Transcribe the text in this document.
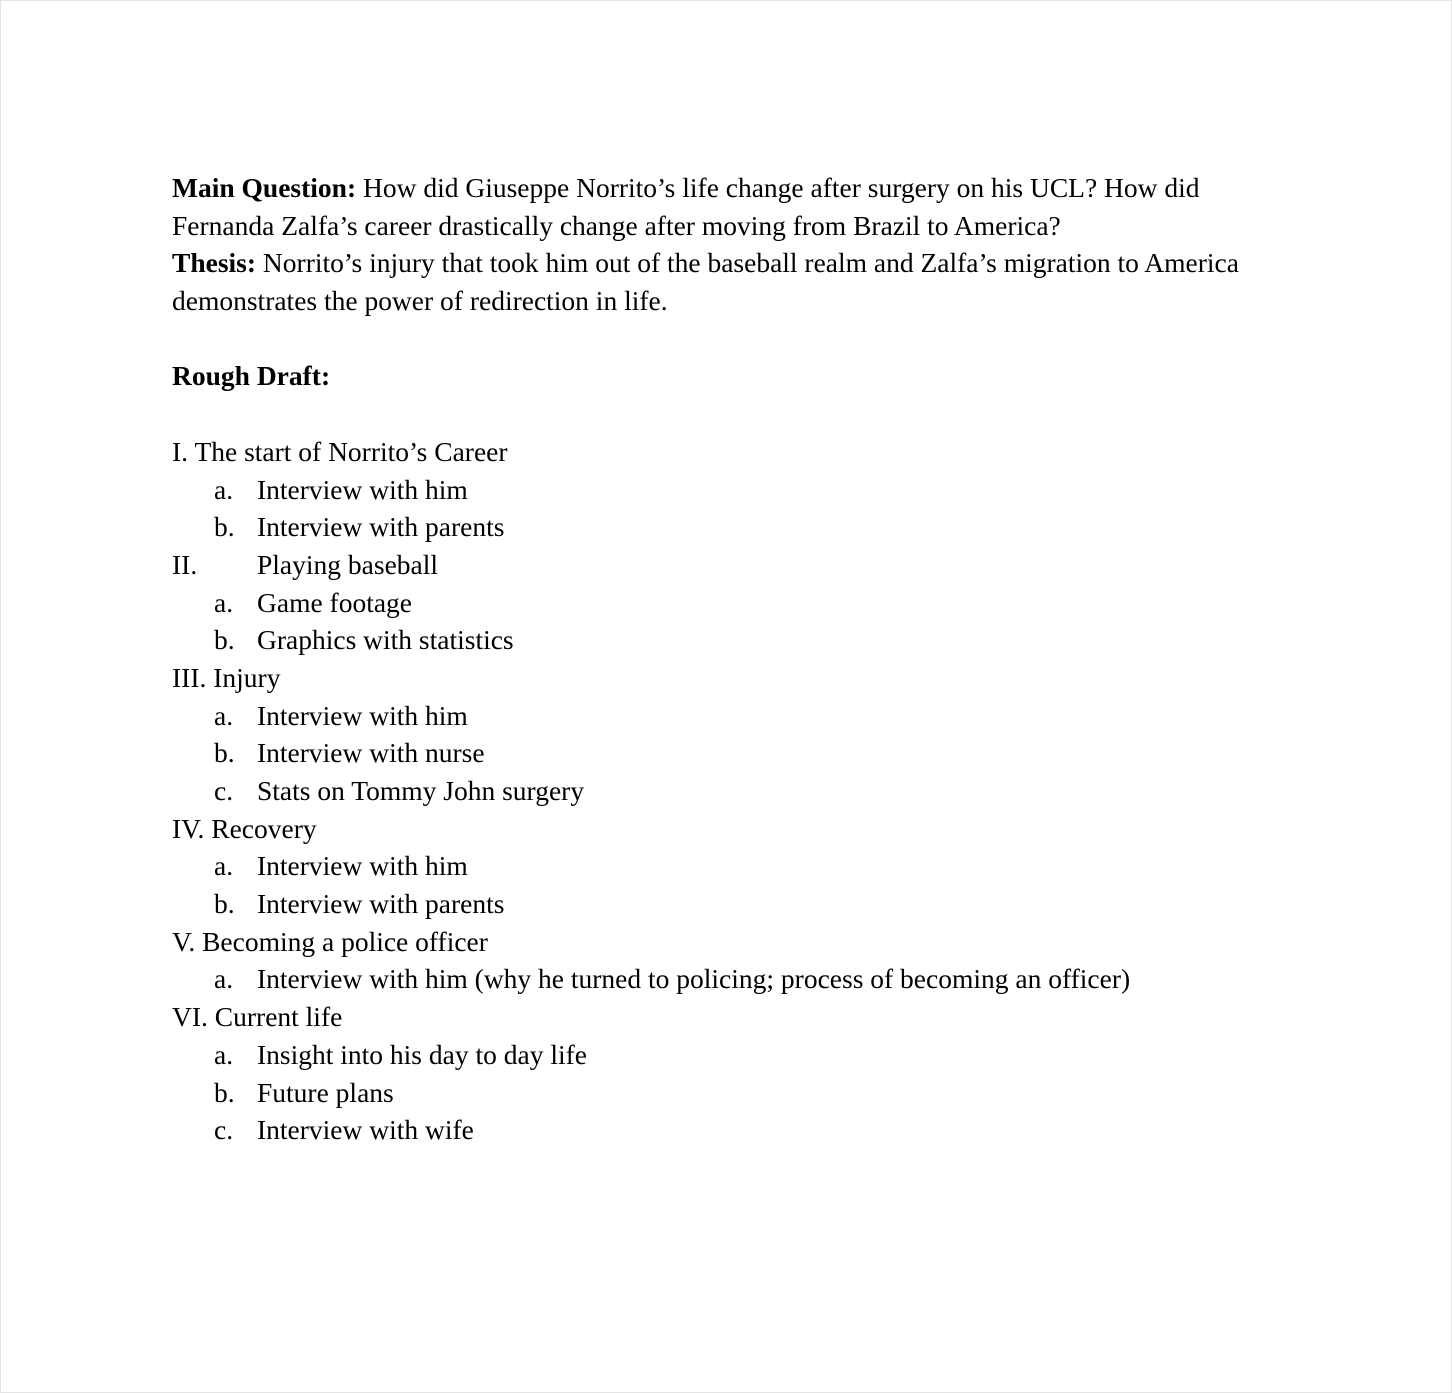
Main Question: How did Giuseppe Norrito’s life change after surgery on his UCL? How did
Fernanda Zalfa’s career drastically change after moving from Brazil to America?
Thesis: Norrito’s injury that took him out of the baseball realm and Zalfa’s migration to America
demonstrates the power of redirection in life.
Rough Draft:
I. The start of Norrito’s Career
a. Interview with him
b. Interview with parents
II. Playing baseball
a. Game footage
b. Graphics with statistics
III. Injury
a. Interview with him
b. Interview with nurse
c. Stats on Tommy John surgery
IV. Recovery
a. Interview with him
b. Interview with parents
V. Becoming a police officer
a. Interview with him (why he turned to policing; process of becoming an officer)
VI. Current life
a. Insight into his day to day life
b. Future plans
c. Interview with wife
